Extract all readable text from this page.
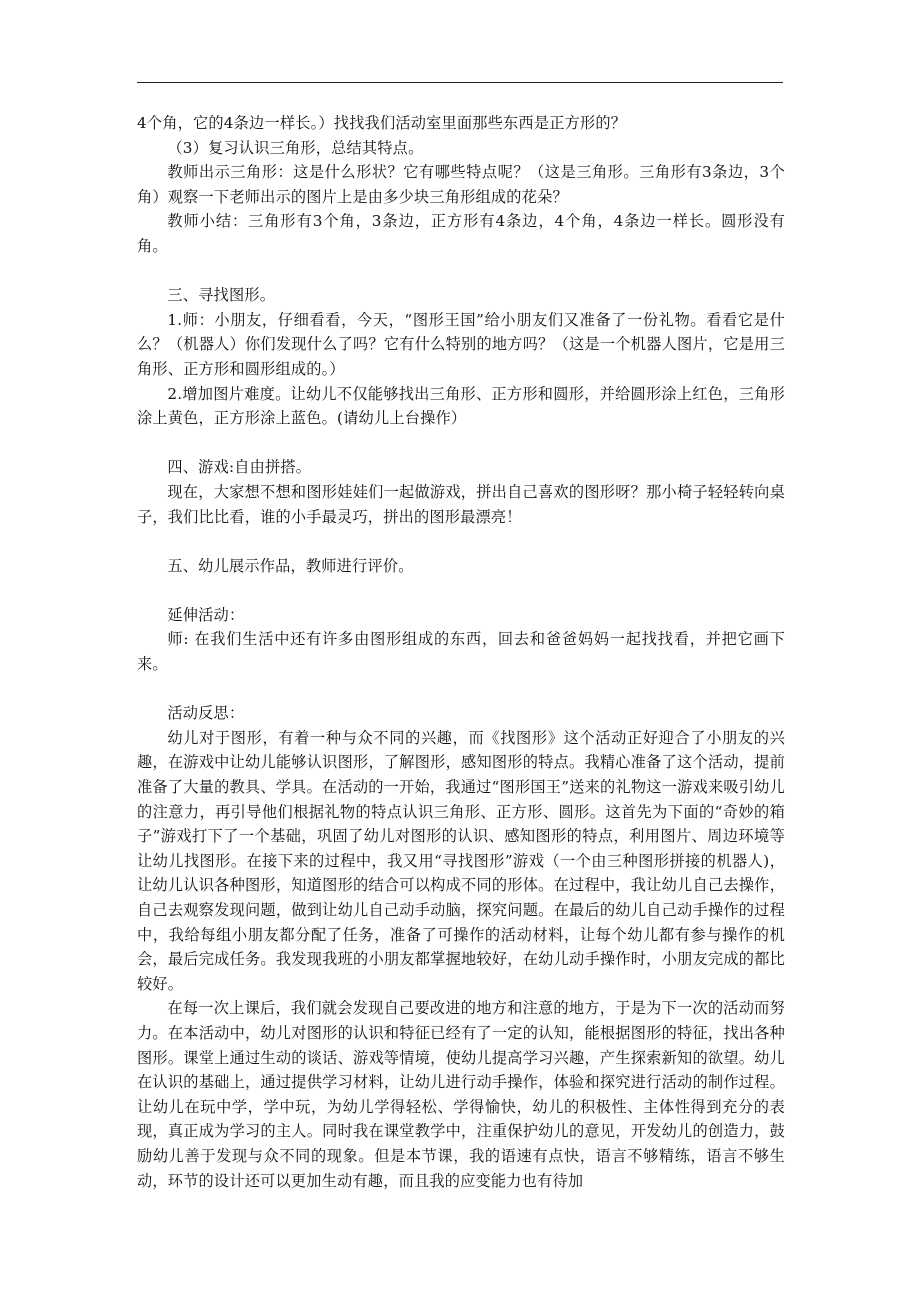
4个角，它的4条边一样长。）找找我们活动室里面那些东西是正方形的？

（3）复习认识三角形，总结其特点。

教师出示三角形：这是什么形状？它有哪些特点呢？（这是三角形。三角形有3条边，3个角）观察一下老师出示的图片上是由多少块三角形组成的花朵？

教师小结：三角形有3个角，3条边，正方形有4条边，4个角，4条边一样长。圆形没有角。

三、寻找图形。

1.师：小朋友，仔细看看，今天，“图形王国”给小朋友们又准备了一份礼物。看看它是什么？（机器人）你们发现什么了吗？它有什么特别的地方吗？（这是一个机器人图片，它是用三角形、正方形和圆形组成的。）

2.增加图片难度。让幼儿不仅能够找出三角形、正方形和圆形，并给圆形涂上红色，三角形涂上黄色，正方形涂上蓝色。(请幼儿上台操作）

四、游戏:自由拼搭。

现在，大家想不想和图形娃娃们一起做游戏，拼出自己喜欢的图形呀？那小椅子轻轻转向桌子，我们比比看，谁的小手最灵巧，拼出的图形最漂亮！

五、幼儿展示作品，教师进行评价。

延伸活动：

师: 在我们生活中还有许多由图形组成的东西，回去和爸爸妈妈一起找找看，并把它画下来。

活动反思：

幼儿对于图形，有着一种与众不同的兴趣，而《找图形》这个活动正好迎合了小朋友的兴趣，在游戏中让幼儿能够认识图形，了解图形，感知图形的特点。我精心准备了这个活动，提前准备了大量的教具、学具。在活动的一开始，我通过“图形国王”送来的礼物这一游戏来吸引幼儿的注意力，再引导他们根据礼物的特点认识三角形、正方形、圆形。这首先为下面的“奇妙的箱子”游戏打下了一个基础，巩固了幼儿对图形的认识、感知图形的特点，利用图片、周边环境等让幼儿找图形。在接下来的过程中，我又用“寻找图形”游戏（一个由三种图形拼接的机器人)，让幼儿认识各种图形，知道图形的结合可以构成不同的形体。在过程中，我让幼儿自己去操作，自己去观察发现问题，做到让幼儿自己动手动脑，探究问题。在最后的幼儿自己动手操作的过程中，我给每组小朋友都分配了任务，准备了可操作的活动材料，让每个幼儿都有参与操作的机会，最后完成任务。我发现我班的小朋友都掌握地较好，在幼儿动手操作时，小朋友完成的都比较好。

在每一次上课后，我们就会发现自己要改进的地方和注意的地方，于是为下一次的活动而努力。在本活动中，幼儿对图形的认识和特征已经有了一定的认知，能根据图形的特征，找出各种图形。课堂上通过生动的谈话、游戏等情境，使幼儿提高学习兴趣，产生探索新知的欲望。幼儿在认识的基础上，通过提供学习材料，让幼儿进行动手操作，体验和探究进行活动的制作过程。让幼儿在玩中学，学中玩，为幼儿学得轻松、学得愉快，幼儿的积极性、主体性得到充分的表现，真正成为学习的主人。同时我在课堂教学中，注重保护幼儿的意见，开发幼儿的创造力，鼓励幼儿善于发现与众不同的现象。但是本节课，我的语速有点快，语言不够精练，语言不够生动，环节的设计还可以更加生动有趣，而且我的应变能力也有待加
